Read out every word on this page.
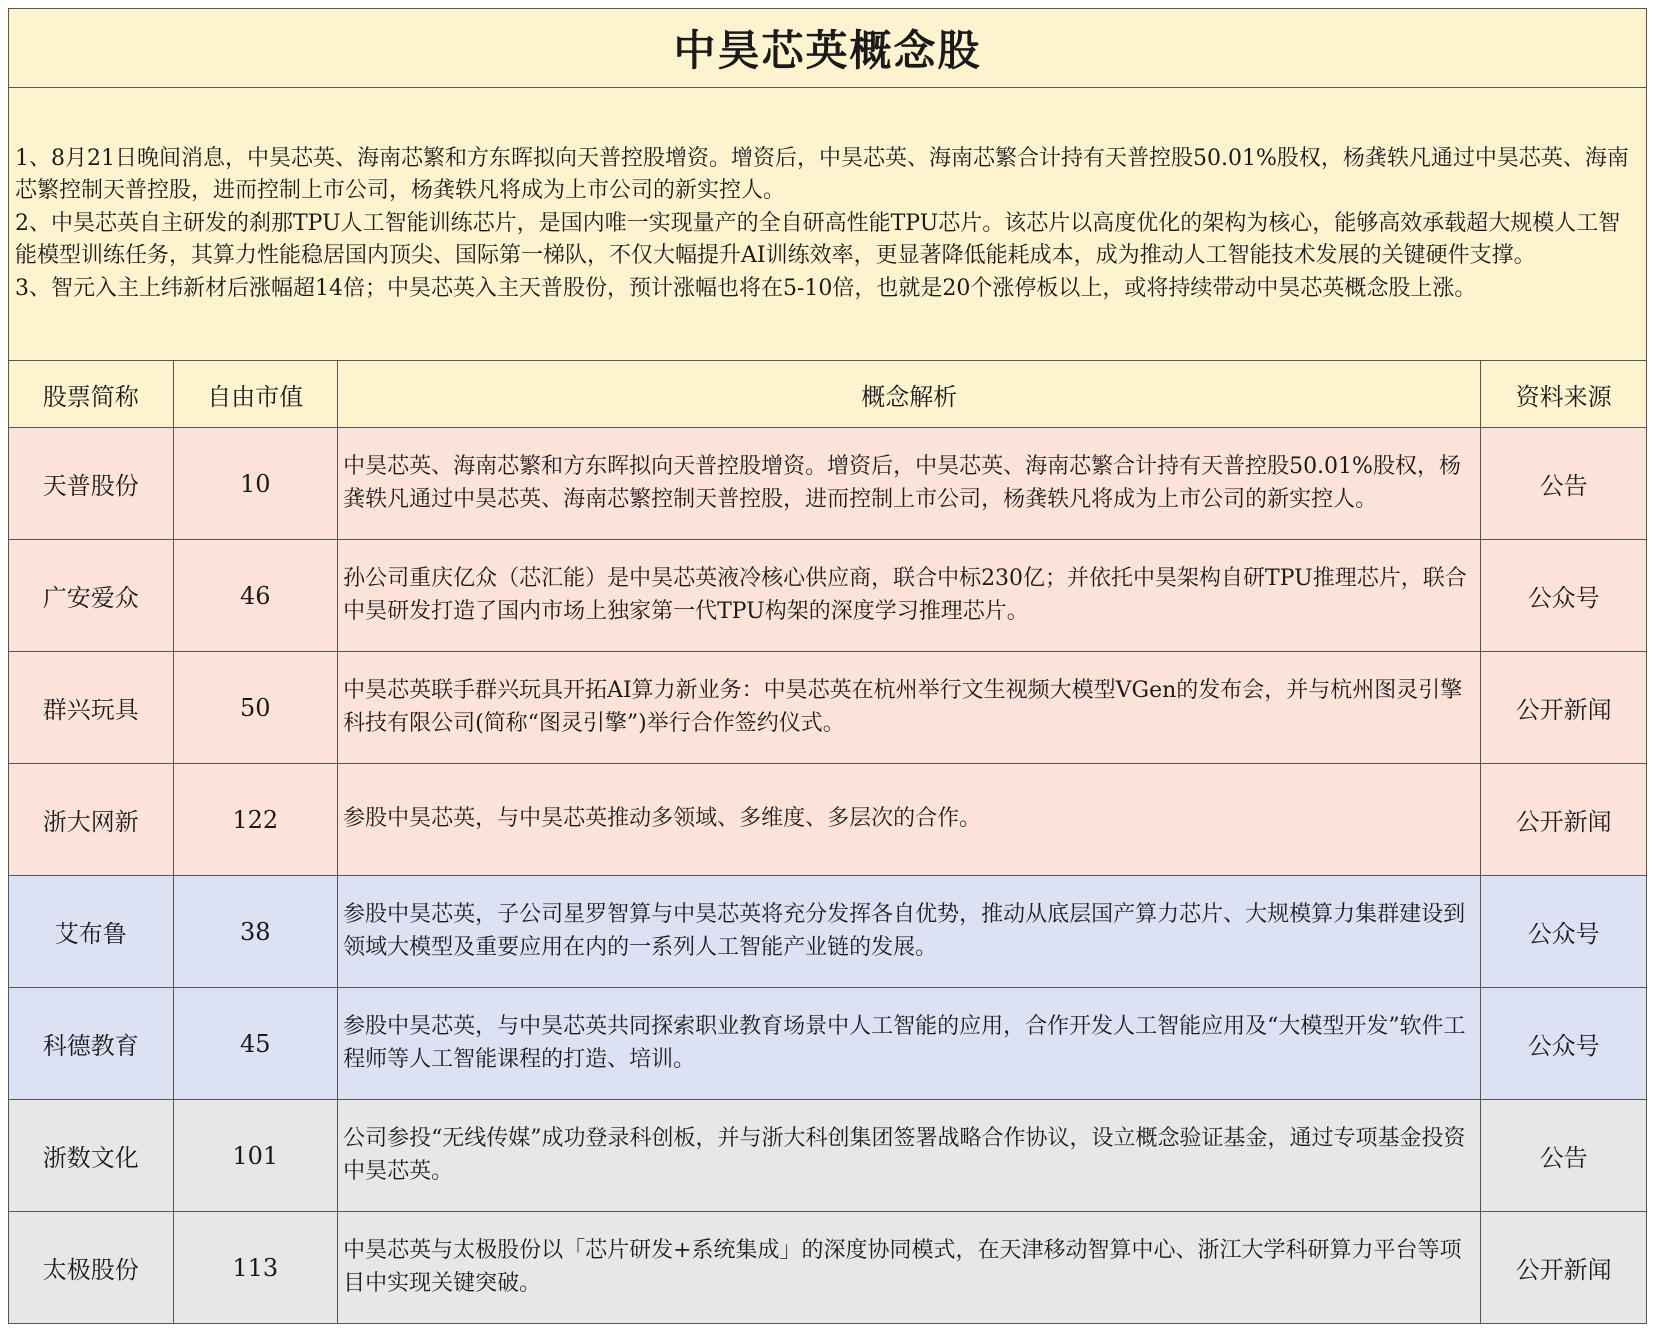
中昊芯英概念股			

1、8月21日晚间消息，中昊芯英、海南芯繁和方东晖拟向天普控股增资。增资后，中昊芯英、海南芯繁合计持有天普控股50.01%股权，杨龚轶凡通过中昊芯英、海南芯繁控制天普控股，进而控制上市公司，杨龚轶凡将成为上市公司的新实控人。

2、中昊芯英自主研发的刹那TPU人工智能训练芯片，是国内唯一实现量产的全自研高性能TPU芯片。该芯片以高度优化的架构为核心，能够高效承载超大规模人工智能模型训练任务，其算力性能稳居国内顶尖、国际第一梯队，不仅大幅提升AI训练效率，更显著降低能耗成本，成为推动人工智能技术发展的关键硬件支撑。

3、智元入主上纬新材后涨幅超14倍；中昊芯英入主天普股份，预计涨幅也将在5-10倍，也就是20个涨停板以上，或将持续带动中昊芯英概念股上涨。			

股票简称	自由市值	概念解析	资料来源
天普股份	10	中昊芯英、海南芯繁和方东晖拟向天普控股增资。增资后，中昊芯英、海南芯繁合计持有天普控股50.01%股权，杨龚轶凡通过中昊芯英、海南芯繁控制天普控股，进而控制上市公司，杨龚轶凡将成为上市公司的新实控人。	公告
广安爱众	46	孙公司重庆亿众（芯汇能）是中昊芯英液冷核心供应商，联合中标230亿；并依托中昊架构自研TPU推理芯片，联合中昊研发打造了国内市场上独家第一代TPU构架的深度学习推理芯片。	公众号
群兴玩具	50	中昊芯英联手群兴玩具开拓AI算力新业务：中昊芯英在杭州举行文生视频大模型VGen的发布会，并与杭州图灵引擎科技有限公司(简称“图灵引擎”)举行合作签约仪式。	公开新闻
浙大网新	122	参股中昊芯英，与中昊芯英推动多领域、多维度、多层次的合作。	公开新闻
艾布鲁	38	参股中昊芯英，子公司星罗智算与中昊芯英将充分发挥各自优势，推动从底层国产算力芯片、大规模算力集群建设到领域大模型及重要应用在内的一系列人工智能产业链的发展。	公众号
科德教育	45	参股中昊芯英，与中昊芯英共同探索职业教育场景中人工智能的应用，合作开发人工智能应用及“大模型开发”软件工程师等人工智能课程的打造、培训。	公众号
浙数文化	101	公司参投“无线传媒”成功登录科创板，并与浙大科创集团签署战略合作协议，设立概念验证基金，通过专项基金投资中昊芯英。	公告
太极股份	113	中昊芯英与太极股份以「芯片研发+系统集成」的深度协同模式，在天津移动智算中心、浙江大学科研算力平台等项目中实现关键突破。	公开新闻
